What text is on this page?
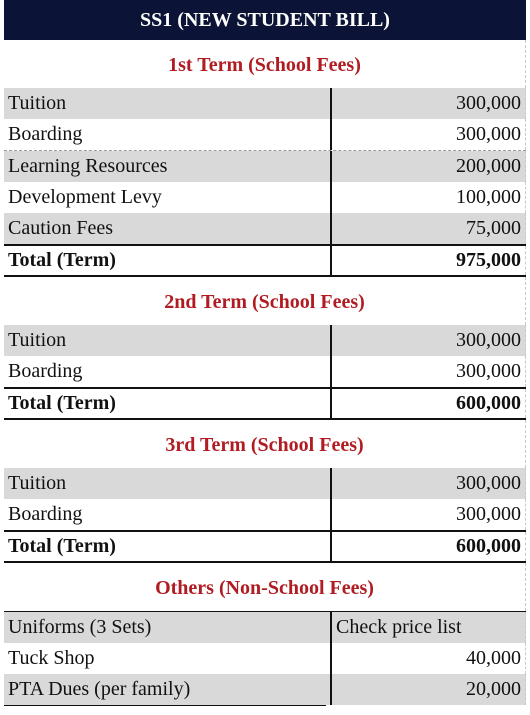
SS1 (NEW STUDENT BILL)
1st Term (School Fees)
Tuition	300,000
Boarding	300,000
Learning Resources	200,000
Development Levy	100,000
Caution Fees	75,000
Total (Term)	975,000
2nd Term (School Fees)
Tuition	300,000
Boarding	300,000
Total (Term)	600,000
3rd Term (School Fees)
Tuition	300,000
Boarding	300,000
Total (Term)	600,000
Others (Non-School Fees)
Uniforms (3 Sets)	Check price list
Tuck Shop	40,000
PTA Dues (per family)	20,000
